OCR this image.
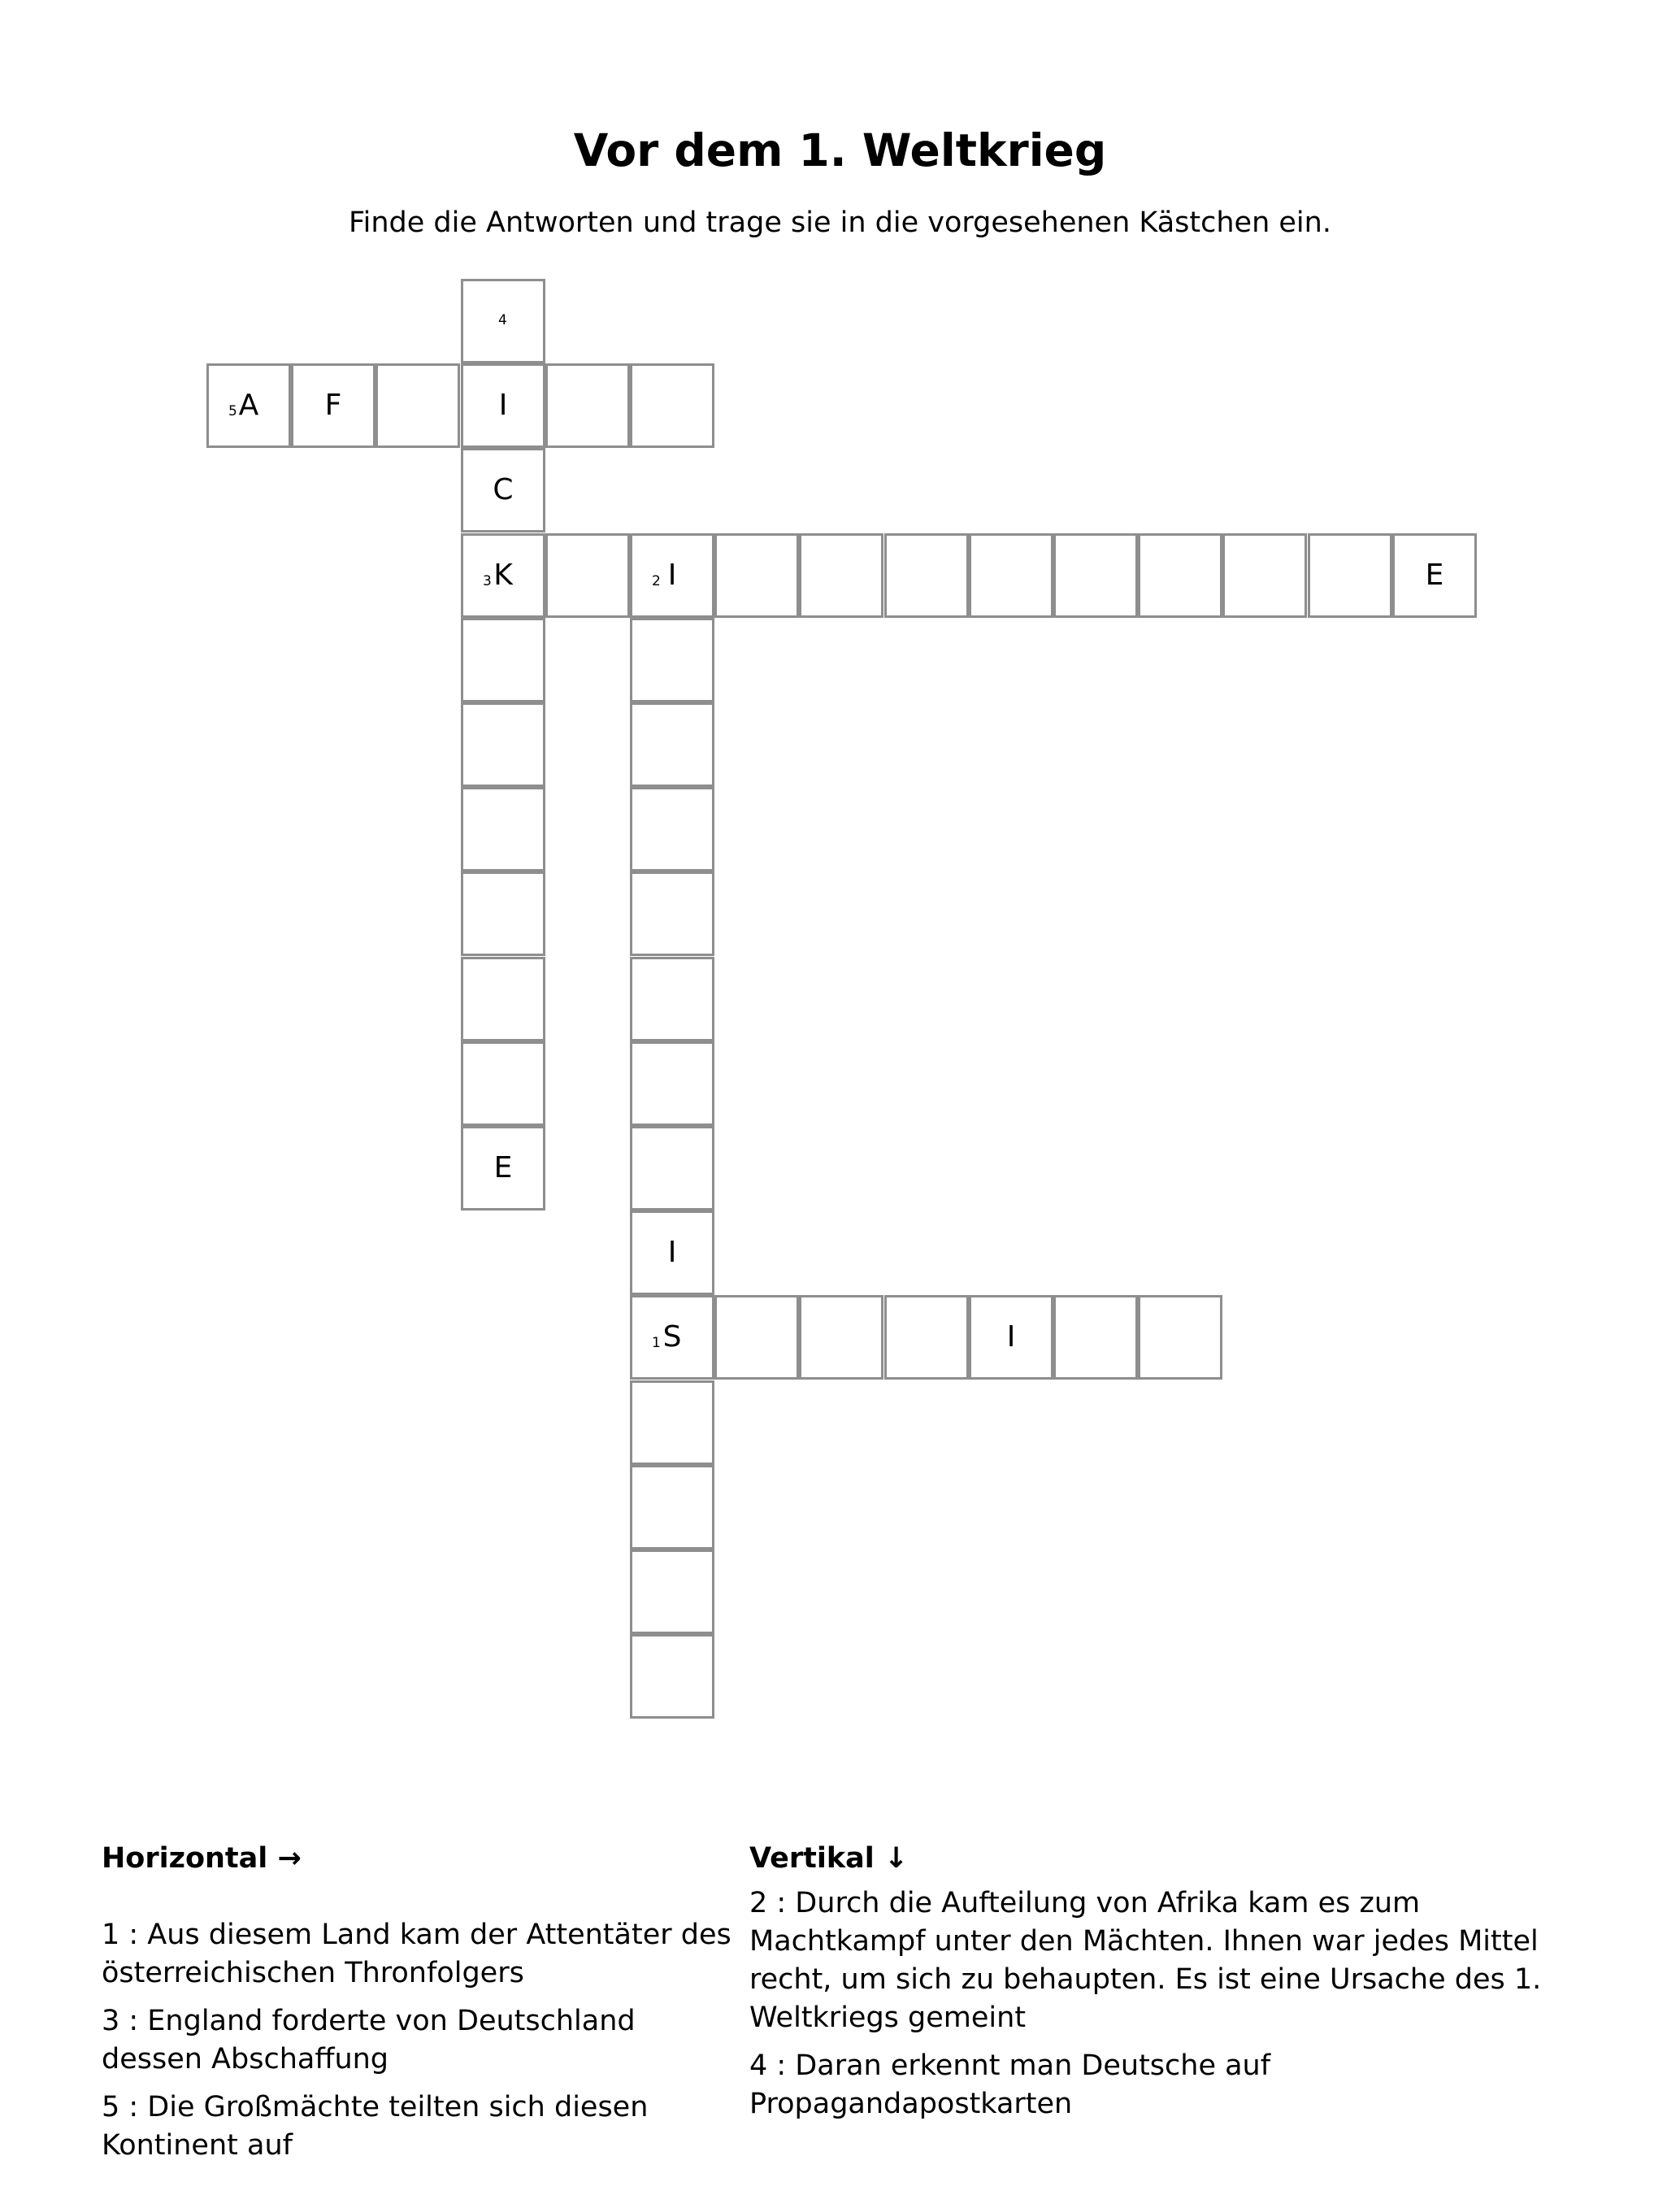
Vor dem 1. Weltkrieg
Finde die Antworten und trage sie in die vorgesehenen Kästchen ein.
4
5 A	F	I
C
3 K	2 I	E
E
I
1 S	I
Horizontal →
1 : Aus diesem Land kam der Attentäter des österreichischen Thronfolgers
3 : England forderte von Deutschland dessen Abschaffung
5 : Die Großmächte teilten sich diesen Kontinent auf
Vertikal ↓
2 : Durch die Aufteilung von Afrika kam es zum Machtkampf unter den Mächten. Ihnen war jedes Mittel recht, um sich zu behaupten. Es ist eine Ursache des 1. Weltkriegs gemeint
4 : Daran erkennt man Deutsche auf Propagandapostkarten
